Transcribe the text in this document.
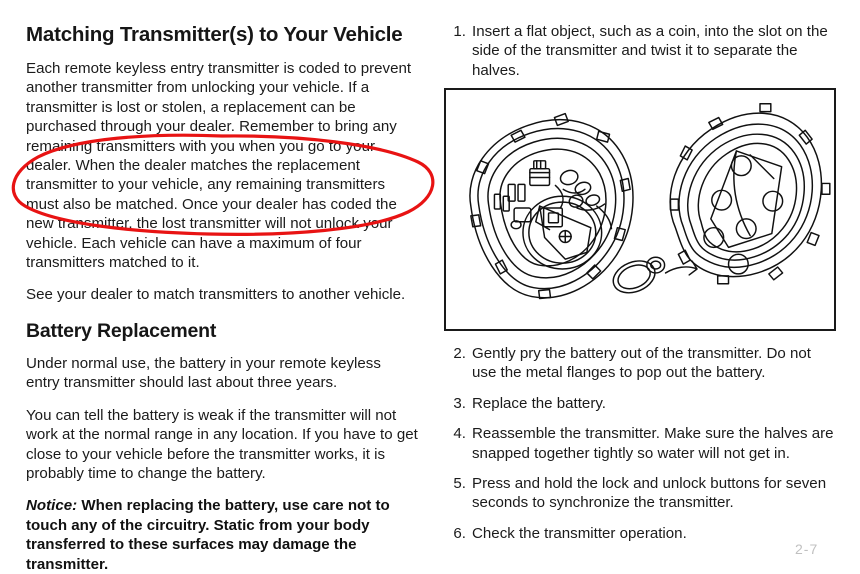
Matching Transmitter(s) to Your Vehicle

Each remote keyless entry transmitter is coded to prevent another transmitter from unlocking your vehicle. If a transmitter is lost or stolen, a replacement can be purchased through your dealer. Remember to bring any remaining transmitters with you when you go to your dealer. When the dealer matches the replacement transmitter to your vehicle, any remaining transmitters must also be matched. Once your dealer has coded the new transmitter, the lost transmitter will not unlock your vehicle. Each vehicle can have a maximum of four transmitters matched to it.

See your dealer to match transmitters to another vehicle.

Battery Replacement

Under normal use, the battery in your remote keyless entry transmitter should last about three years.

You can tell the battery is weak if the transmitter will not work at the normal range in any location. If you have to get close to your vehicle before the transmitter works, it is probably time to change the battery.

Notice: When replacing the battery, use care not to touch any of the circuitry. Static from your body transferred to these surfaces may damage the transmitter.

1. Insert a flat object, such as a coin, into the slot on the side of the transmitter and twist it to separate the halves.
2. Gently pry the battery out of the transmitter. Do not use the metal flanges to pop out the battery.
3. Replace the battery.
4. Reassemble the transmitter. Make sure the halves are snapped together tightly so water will not get in.
5. Press and hold the lock and unlock buttons for seven seconds to synchronize the transmitter.
6. Check the transmitter operation.
2-7
